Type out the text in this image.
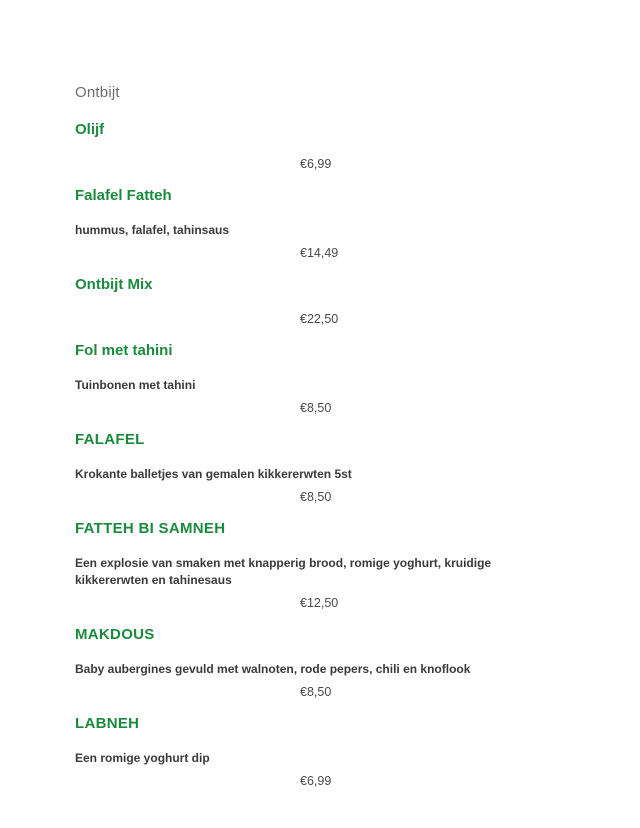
Ontbijt
Olijf
€6,99
Falafel Fatteh
hummus, falafel, tahinsaus
€14,49
Ontbijt Mix
€22,50
Fol met tahini
Tuinbonen met tahini
€8,50
FALAFEL
Krokante balletjes van gemalen kikkererwten 5st
€8,50
FATTEH BI SAMNEH
Een explosie van smaken met knapperig brood, romige yoghurt, kruidige kikkererwten en tahinesaus
€12,50
MAKDOUS
Baby aubergines gevuld met walnoten, rode pepers, chili en knoflook
€8,50
LABNEH
Een romige yoghurt dip
€6,99
